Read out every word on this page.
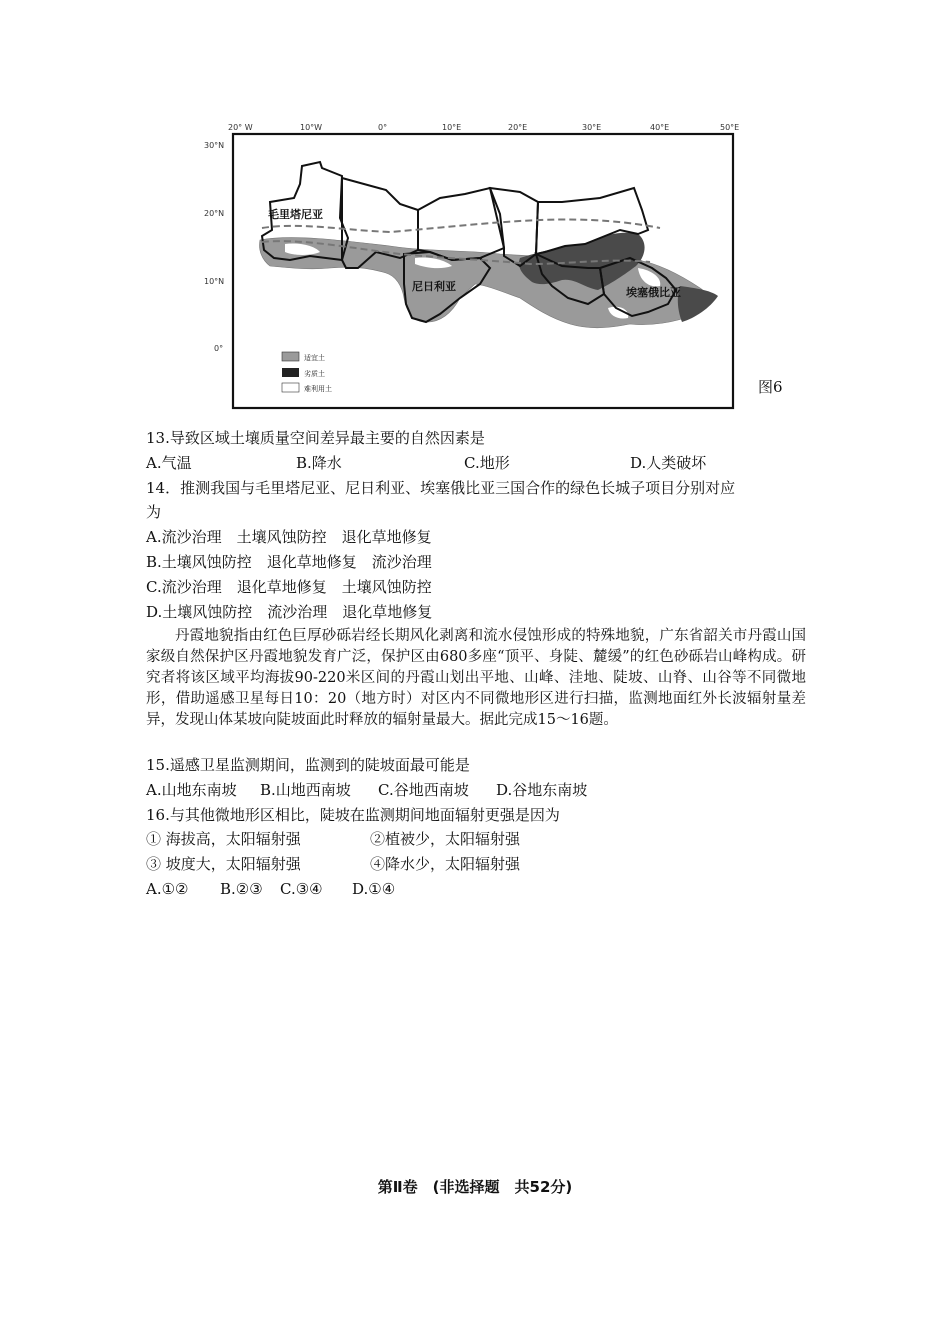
20° W	10°W	0°	10°E	20°E	30°E	40°E	50°E
30°N
20°N
10°N
0°
毛里塔尼亚
尼日利亚	埃塞俄比亚
适宜土
劣质土
难利用土	图6
13.导致区域土壤质量空间差异最主要的自然因素是
A.气温	B.降水	C.地形	D.人类破坏
14．推测我国与毛里塔尼亚、尼日利亚、埃塞俄比亚三国合作的绿色长城子项目分别对应
为
A.流沙治理　土壤风蚀防控　退化草地修复
B.土壤风蚀防控　退化草地修复　流沙治理
C.流沙治理　退化草地修复　土壤风蚀防控
D.土壤风蚀防控　流沙治理　退化草地修复
丹霞地貌指由红色巨厚砂砾岩经长期风化剥离和流水侵蚀形成的特殊地貌，广东省韶关市丹霞山国家级自然保护区丹霞地貌发育广泛，保护区由680多座“顶平、身陡、麓缓”的红色砂砾岩山峰构成。研究者将该区域平均海拔90-220米区间的丹霞山划出平地、山峰、洼地、陡坡、山脊、山谷等不同微地形，借助遥感卫星每日10：20（地方时）对区内不同微地形区进行扫描，监测地面红外长波辐射量差异，发现山体某坡向陡坡面此时释放的辐射量最大。据此完成15～16题。
15.遥感卫星监测期间，监测到的陡坡面最可能是
A.山地东南坡 B.山地西南坡 C.谷地西南坡 D.谷地东南坡
16.与其他微地形区相比，陡坡在监测期间地面辐射更强是因为
① 海拔高，太阳辐射强	②植被少，太阳辐射强
③ 坡度大，太阳辐射强	④降水少，太阳辐射强
A.①② B.②③ C.③④ D.①④
第Ⅱ卷　(非选择题　共52分)
